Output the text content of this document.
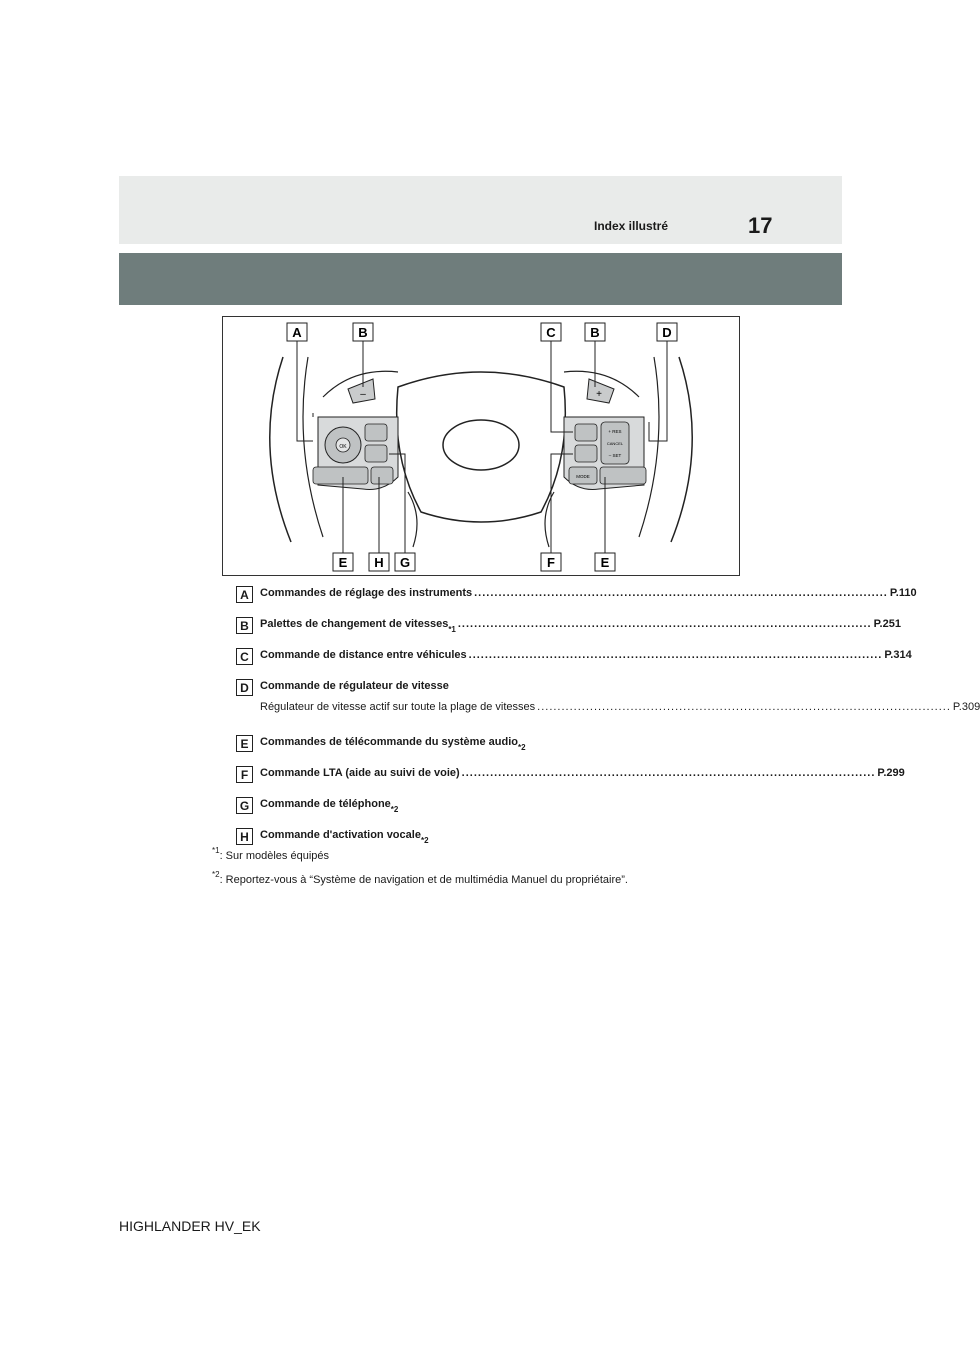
Index illustré	17
–	+
OK
+ RES
CANCEL
– SET
MODE
A	B	C	B	D
E H G	F	E
A	Commandes de réglage des instruments ...................................................................................................... P.110
B	Palettes de changement de vitesses *1 ...................................................................................................... P.251
C	Commande de distance entre véhicules ...................................................................................................... P.314
D	Commande de régulateur de vitesse
Régulateur de vitesse actif sur toute la plage de vitesses ...................................................................................................... P.309
E	Commandes de télécommande du système audio *2
F	Commande LTA (aide au suivi de voie) ...................................................................................................... P.299
G Commande de téléphone *2
H	Commande d'activation vocale *2
$^{*1}$: Sur modèles équipés
$^{*2}$: Reportez-vous à “Système de navigation et de multimédia Manuel du propriétaire”.
HIGHLANDER HV_EK
